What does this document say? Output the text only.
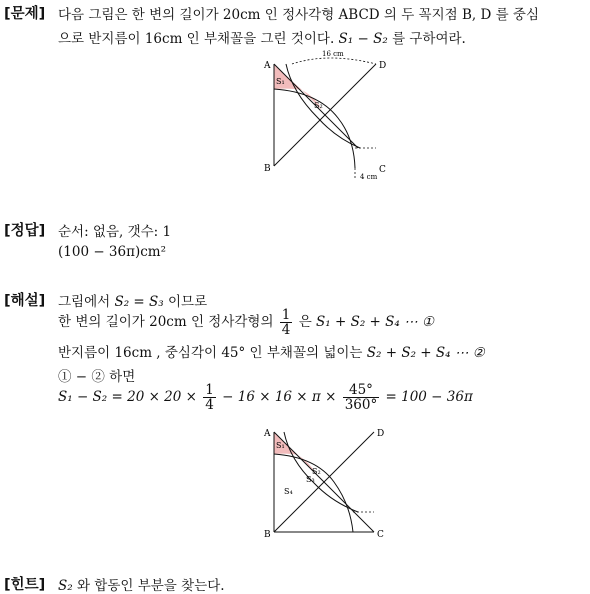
[문제] 다음 그림은 한 변의 길이가 20cm 인 정사각형 ABCD 의 두 꼭지점 B, D 를 중심
으로 반지름이 16cm 인 부채꼴을 그린 것이다. S₁ − S₂ 를 구하여라.
A
B	C
D
16 cm
4 cm
S₁
S₂
[정답] 순서: 없음, 갯수: 1
(100 − 36π)cm²
[해설] 그림에서 S₂ = S₃ 이므로
한 변의 길이가 20cm 인 정사각형의 $\frac{1}{4}$ 은 S₁ + S₂ + S₄ ⋯ ①
반지름이 16cm , 중심각이 45° 인 부채꼴의 넓이는 S₂ + S₂ + S₄ ⋯ ②
① − ② 하면
$S_1 - S_2 = 20 \times 20 \times \frac{1}{4} - 16 \times 16 \times \pi \times \frac{45^\circ}{360^\circ} = 100 - 36\pi$
A
B	C
D
S₁
S₂
S₃
S₄
[힌트] S₂ 와 합동인 부분을 찾는다.
